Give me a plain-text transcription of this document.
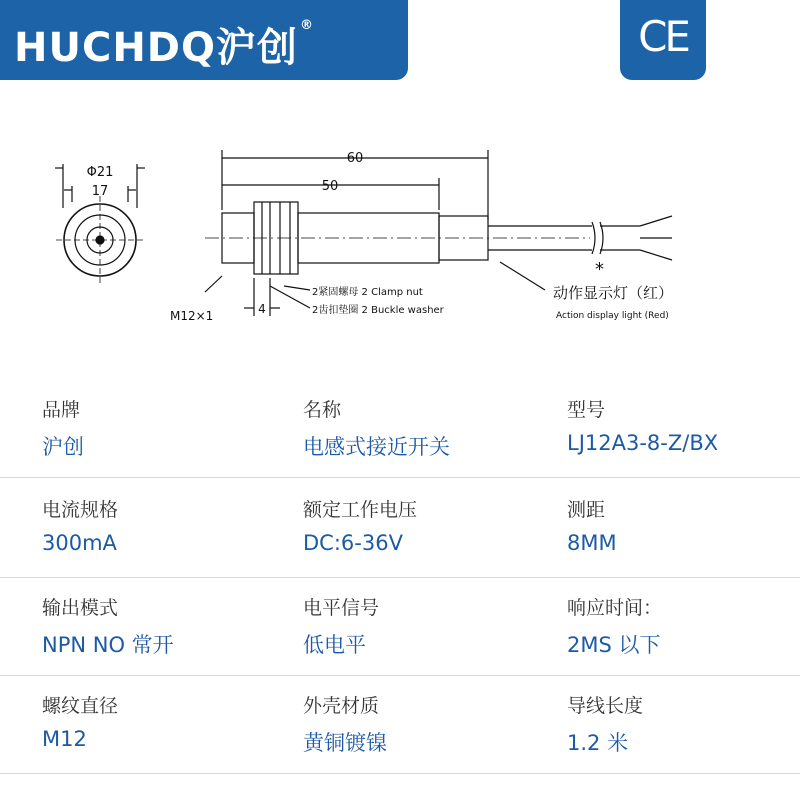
HUCHDQ沪创 ®	CE
Φ21
17
60
50
M12×1	4
2紧固螺母 2 Clamp nut
2齿扣垫圈 2 Buckle washer
*
动作显示灯（红）
Action display light (Red)
品牌
沪创
名称
电感式接近开关
型号
LJ12A3-8-Z/BX
电流规格
300mA
额定工作电压
DC:6-36V
测距
8MM
输出模式
NPN NO 常开
电平信号
低电平
响应时间：
2MS 以下
螺纹直径
M12
外壳材质
黄铜镀镍
导线长度
1.2 米
